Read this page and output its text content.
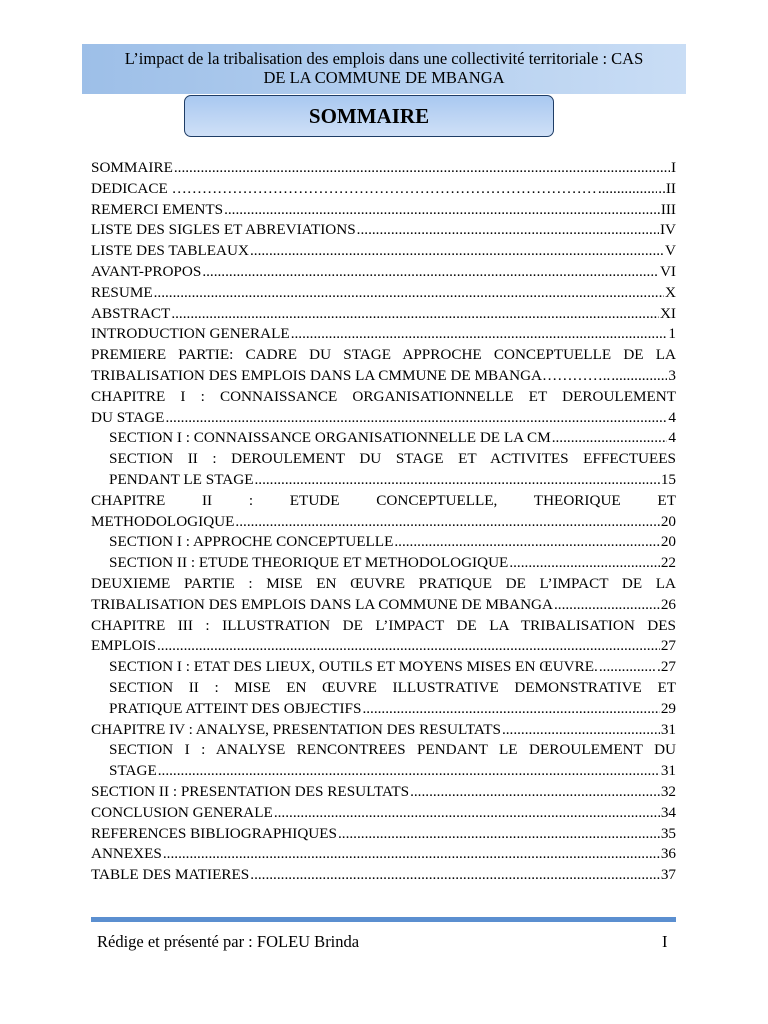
L’impact de la tribalisation des emplois dans une collectivité territoriale : CAS
DE LA COMMUNE DE MBANGA
SOMMAIRE
SOMMAIRE .....	I
DEDICACE ………………………………………………………………………… .....	..II
REMERCI EMENTS .....	III
LISTE DES SIGLES ET ABREVIATIONS .....	IV
LISTE DES TABLEAUX .....	V
AVANT-PROPOS .....	VI
RESUME .....	X
ABSTRACT .....	XI
INTRODUCTION GENERALE .....	1
PREMIERE PARTIE: CADRE DU STAGE APPROCHE CONCEPTUELLE DE LA
TRIBALISATION DES EMPLOIS DANS LA CMMUNE DE MBANGA………….. .....	3
CHAPITRE I : CONNAISSANCE ORGANISATIONNELLE ET DEROULEMENT
DU STAGE .....	4
SECTION I : CONNAISSANCE ORGANISATIONNELLE DE LA CM .....	4
SECTION II : DEROULEMENT DU STAGE ET ACTIVITES EFFECTUEES
PENDANT LE STAGE .....	15
CHAPITRE II : ETUDE CONCEPTUELLE, THEORIQUE ET
METHODOLOGIQUE .....	20
SECTION I : APPROCHE CONCEPTUELLE .....	20
SECTION II : ETUDE THEORIQUE ET METHODOLOGIQUE .....	22
DEUXIEME PARTIE : MISE EN ŒUVRE PRATIQUE DE L’IMPACT DE LA
TRIBALISATION DES EMPLOIS DANS LA COMMUNE DE MBANGA .....	26
CHAPITRE III : ILLUSTRATION DE L’IMPACT DE LA TRIBALISATION DES
EMPLOIS .....	27
SECTION I : ETAT DES LIEUX, OUTILS ET MOYENS MISES EN ŒUVRE. .....	.27
SECTION II : MISE EN ŒUVRE ILLUSTRATIVE DEMONSTRATIVE ET
PRATIQUE ATTEINT DES OBJECTIFS .....	29
CHAPITRE IV : ANALYSE, PRESENTATION DES RESULTATS .....	31
SECTION I : ANALYSE RENCONTREES PENDANT LE DEROULEMENT DU
STAGE .....	31
SECTION II : PRESENTATION DES RESULTATS .....	32
CONCLUSION GENERALE .....	34
REFERENCES BIBLIOGRAPHIQUES .....	35
ANNEXES .....	36
TABLE DES MATIERES .....	37
Rédige et présenté par : FOLEU Brinda	I
